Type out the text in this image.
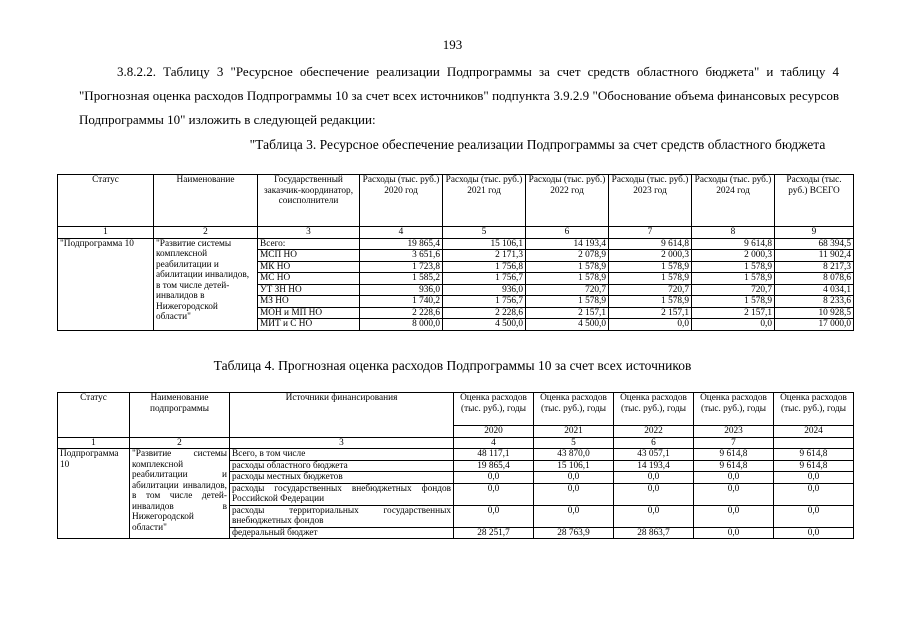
193

3.8.2.2. Таблицу 3 "Ресурсное обеспечение реализации Подпрограммы за счет средств областного бюджета" и таблицу 4 "Прогнозная оценка расходов Подпрограммы 10 за счет всех источников" подпункта 3.9.2.9 "Обоснование объема финансовых ресурсов Подпрограммы 10" изложить в следующей редакции:

"Таблица 3. Ресурсное обеспечение реализации Подпрограммы за счет средств областного бюджета
Статус	Наименование	Государственный заказчик-координатор, соисполнители	Расходы (тыс. руб.) 2020 год	Расходы (тыс. руб.) 2021 год	Расходы (тыс. руб.) 2022 год	Расходы (тыс. руб.) 2023 год	Расходы (тыс. руб.) 2024 год	Расходы (тыс. руб.) ВСЕГО
1	2	3	4	5	6	7	8	9
"Подпрограмма 10	"Развитие системы комплексной реабилитации и абилитации инвалидов, в том числе детей-инвалидов в Нижегородской области"	Всего:	19 865,4	15 106,1	14 193,4	9 614,8	9 614,8	68 394,5
		МСП НО	3 651,6	2 171,3	2 078,9	2 000,3	2 000,3	11 902,4
		МК НО	1 723,8	1 756,8	1 578,9	1 578,9	1 578,9	8 217,3
		МС НО	1 585,2	1 756,7	1 578,9	1 578,9	1 578,9	8 078,6
		УТ ЗН НО	936,0	936,0	720,7	720,7	720,7	4 034,1
		МЗ НО	1 740,2	1 756,7	1 578,9	1 578,9	1 578,9	8 233,6
		МОН и МП НО	2 228,6	2 228,6	2 157,1	2 157,1	2 157,1	10 928,5
		МИТ и С НО	8 000,0	4 500,0	4 500,0	0,0	0,0	17 000,0
Таблица 4. Прогнозная оценка расходов Подпрограммы 10 за счет всех источников
Статус	Наименование подпрограммы	Источники финансирования	Оценка расходов (тыс. руб.), годы	Оценка расходов (тыс. руб.), годы	Оценка расходов (тыс. руб.), годы	Оценка расходов (тыс. руб.), годы	Оценка расходов (тыс. руб.), годы
			2020	2021	2022	2023	2024
1	2	3	4	5	6	7	
Подпрограмма 10	"Развитие системы комплексной реабилитации и абилитации инвалидов, в том числе детей-инвалидов в Нижегородской области"	Всего, в том числе	48 117,1	43 870,0	43 057,1	9 614,8	9 614,8
		расходы областного бюджета	19 865,4	15 106,1	14 193,4	9 614,8	9 614,8
		расходы местных бюджетов	0,0	0,0	0,0	0,0	0,0
		расходы государственных внебюджетных фондов Российской Федерации	0,0	0,0	0,0	0,0	0,0
		расходы территориальных государственных внебюджетных фондов	0,0	0,0	0,0	0,0	0,0
		федеральный бюджет	28 251,7	28 763,9	28 863,7	0,0	0,0
